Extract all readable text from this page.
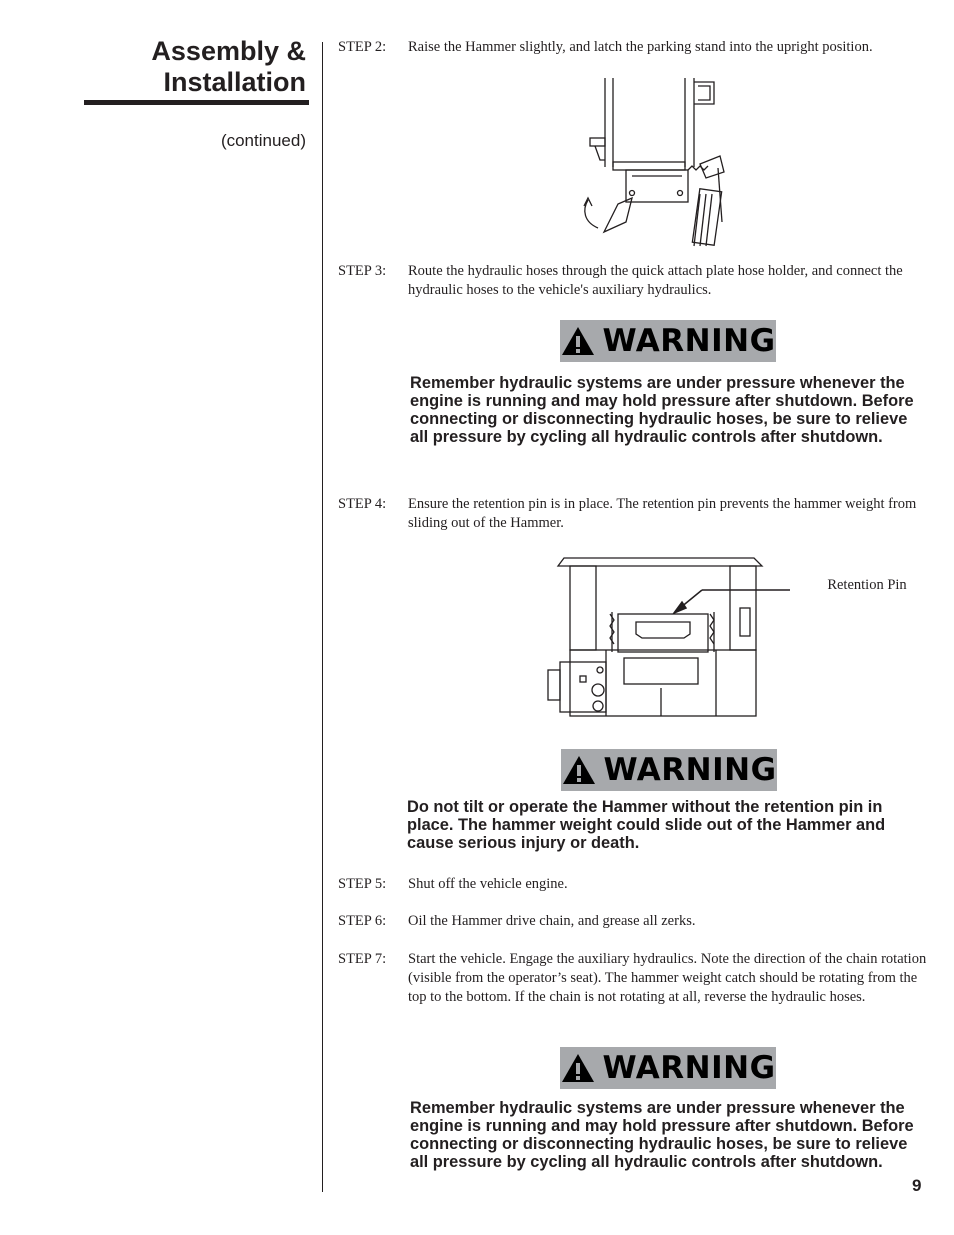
Assembly & Installation
(continued)
STEP 2:	Raise the Hammer slightly, and latch the parking stand into the upright position.
STEP 3:	Route the hydraulic hoses through the quick attach plate hose holder, and connect the hydraulic hoses to the vehicle's auxiliary hydraulics.
WARNING
Remember hydraulic systems are under pressure whenever the engine is running and may hold pressure after shutdown. Before connecting or disconnecting hydraulic hoses, be sure to relieve all pressure by cycling all hydraulic controls after shutdown.
STEP 4:	Ensure the retention pin is in place. The retention pin prevents the hammer weight from sliding out of the Hammer.
Retention Pin
WARNING
Do not tilt or operate the Hammer without the retention pin in place. The hammer weight could slide out of the Hammer and cause serious injury or death.
STEP 5:	Shut off the vehicle engine.
STEP 6:	Oil the Hammer drive chain, and grease all zerks.
STEP 7:	Start the vehicle. Engage the auxiliary hydraulics. Note the direction of the chain rotation (visible from the operator’s seat). The hammer weight catch should be rotating from the top to the bottom. If the chain is not rotating at all, reverse the hydraulic hoses.
WARNING
Remember hydraulic systems are under pressure whenever the engine is running and may hold pressure after shutdown. Before connecting or disconnecting hydraulic hoses, be sure to relieve all pressure by cycling all hydraulic controls after shutdown.
9
